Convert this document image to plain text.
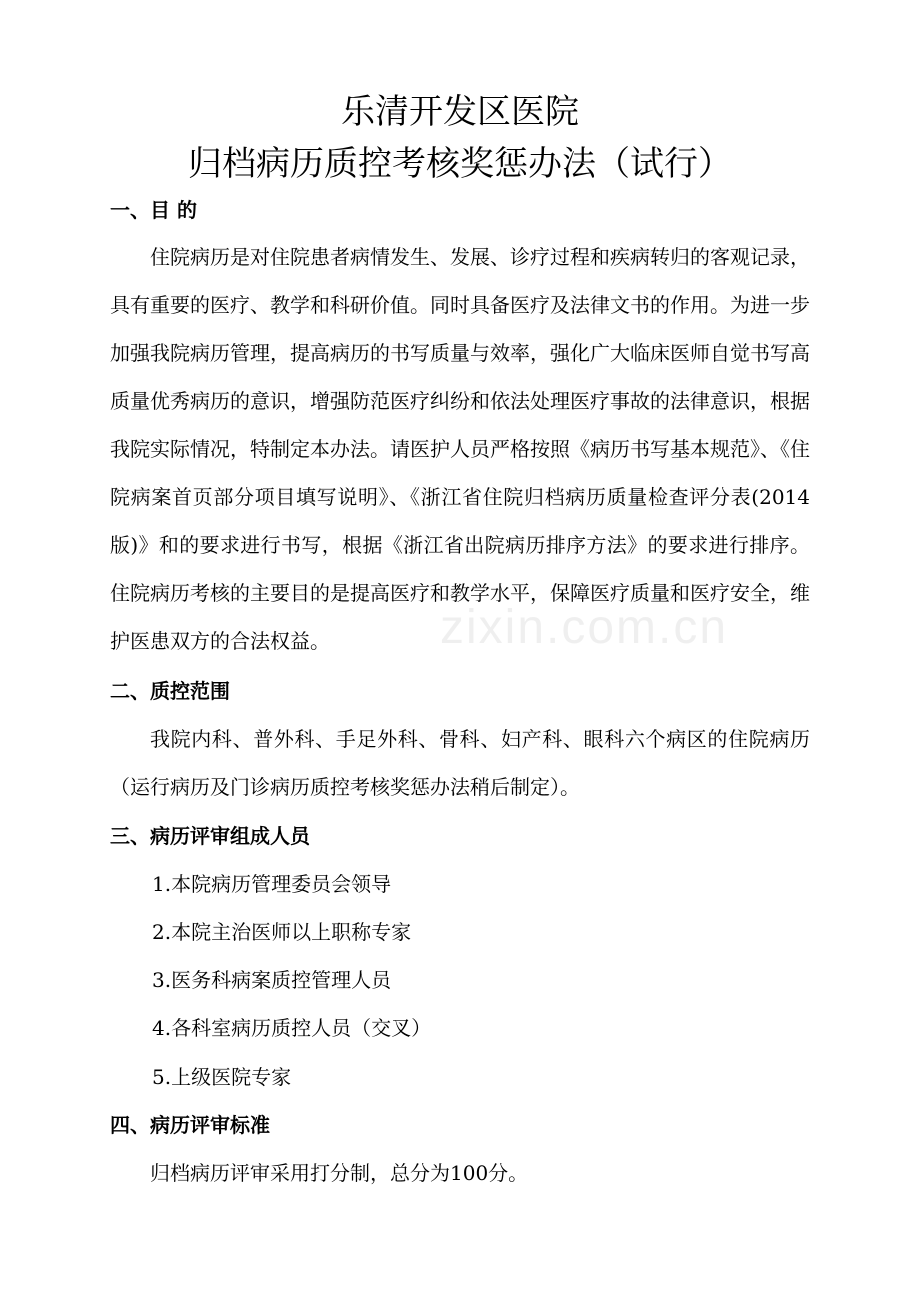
乐清开发区医院
归档病历质控考核奖惩办法（试行）
一、目 的

住院病历是对住院患者病情发生、发展、诊疗过程和疾病转归的客观记录，具有重要的医疗、教学和科研价值。同时具备医疗及法律文书的作用。为进一步加强我院病历管理，提高病历的书写质量与效率，强化广大临床医师自觉书写高质量优秀病历的意识，增强防范医疗纠纷和依法处理医疗事故的法律意识，根据我院实际情况，特制定本办法。请医护人员严格按照《病历书写基本规范》、《住院病案首页部分项目填写说明》、《浙江省住院归档病历质量检查评分表(2014版)》和的要求进行书写，根据《浙江省出院病历排序方法》的要求进行排序。住院病历考核的主要目的是提高医疗和教学水平，保障医疗质量和医疗安全，维护医患双方的合法权益。

二、质控范围

我院内科、普外科、手足外科、骨科、妇产科、眼科六个病区的住院病历（运行病历及门诊病历质控考核奖惩办法稍后制定）。

三、病历评审组成人员
1.本院病历管理委员会领导
2.本院主治医师以上职称专家
3.医务科病案质控管理人员
4.各科室病历质控人员（交叉）
5.上级医院专家
四、病历评审标准

归档病历评审采用打分制，总分为100分。

zixin.com.cn
